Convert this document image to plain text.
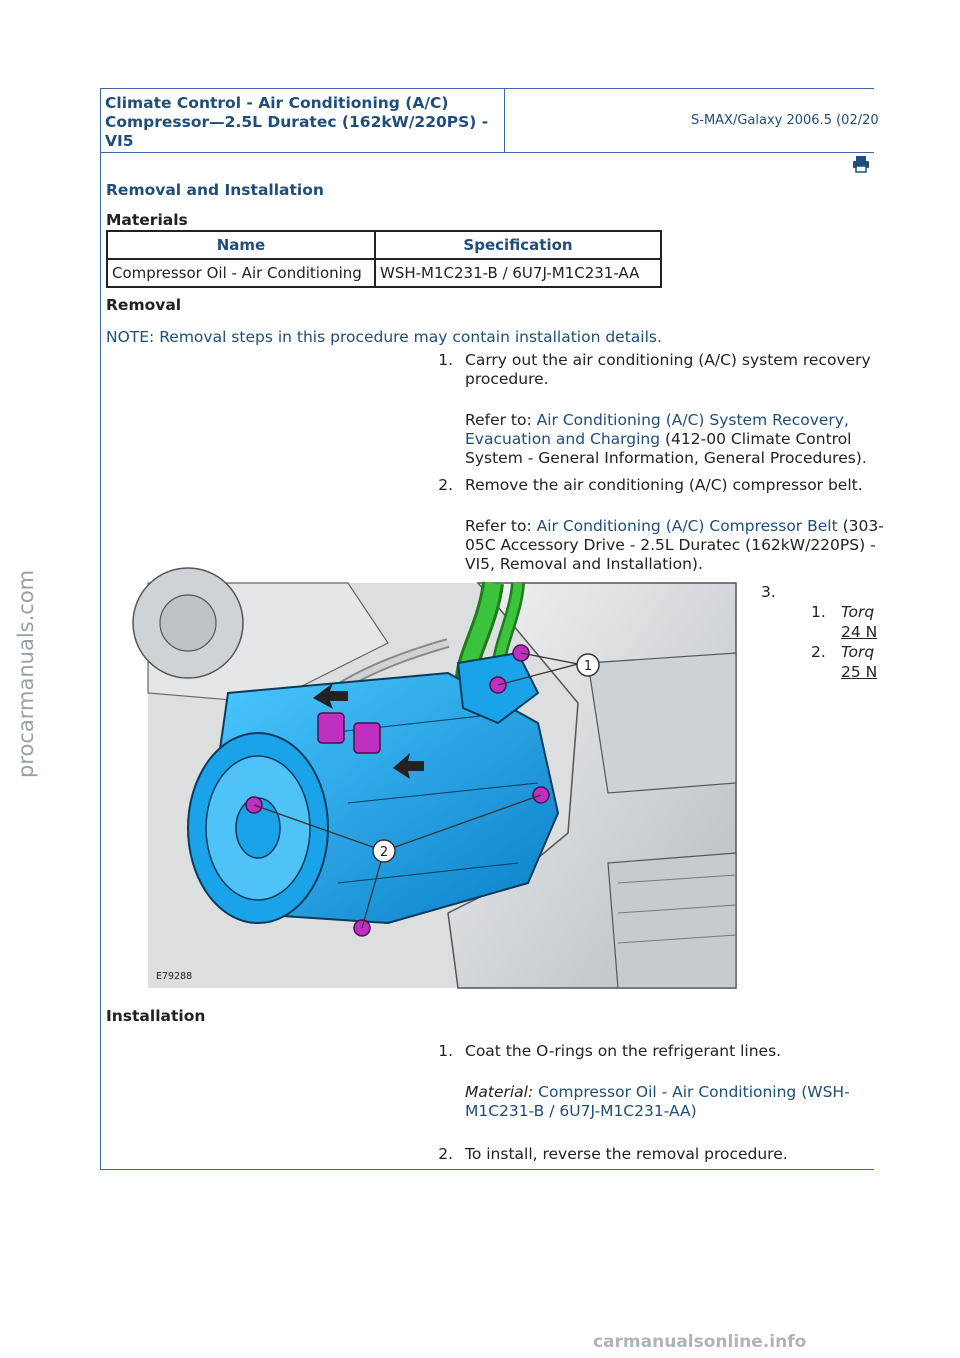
Climate Control - Air Conditioning (A/C) Compressor—2.5L Duratec (162kW/220PS) - VI5
S-MAX/Galaxy 2006.5 (02/20
Removal and Installation
Materials
Name	Specification
Compressor Oil - Air Conditioning	WSH-M1C231-B / 6U7J-M1C231-AA
Removal
NOTE: Removal steps in this procedure may contain installation details.
1. Carry out the air conditioning (A/C) system recovery procedure.

Refer to: Air Conditioning (A/C) System Recovery, Evacuation and Charging (412-00 Climate Control System - General Information, General Procedures).

2. Remove the air conditioning (A/C) compressor belt.

Refer to: Air Conditioning (A/C) Compressor Belt (303-05C Accessory Drive - 2.5L Duratec (162kW/220PS) - VI5, Removal and Installation).

1
2
E79288
3.
1. Torq
24 N
2. Torq
25 N
Installation
1. Coat the O-rings on the refrigerant lines.

Material: Compressor Oil - Air Conditioning (WSH-M1C231-B / 6U7J-M1C231-AA)

2. To install, reverse the removal procedure.

procarmanuals.com
carmanualsonline.info
